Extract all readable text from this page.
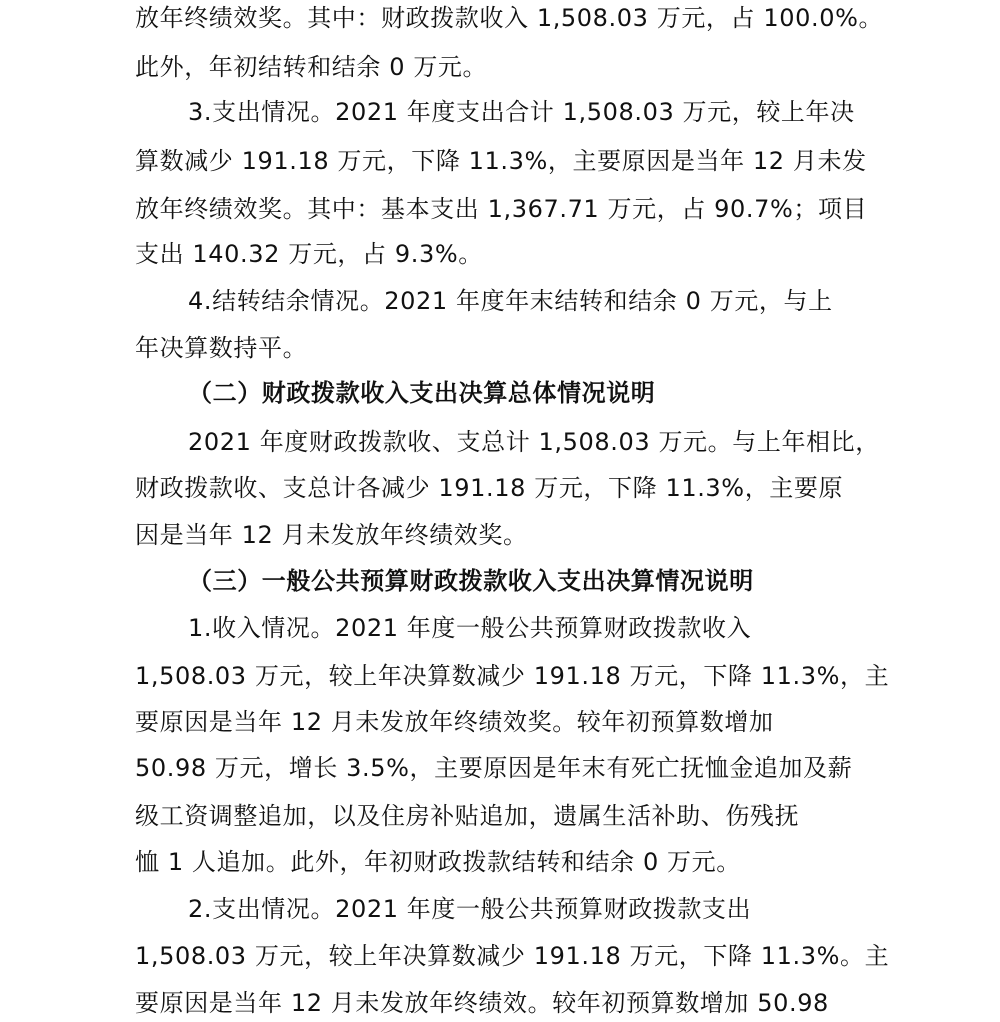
放年终绩效奖。其中：财政拨款收入 1,508.03 万元，占 100.0%。
此外，年初结转和结余 0 万元。
3.支出情况。2021 年度支出合计 1,508.03 万元，较上年决
算数减少 191.18 万元，下降 11.3%，主要原因是当年 12 月未发
放年终绩效奖。其中：基本支出 1,367.71 万元，占 90.7%；项目
支出 140.32 万元，占 9.3%。
4.结转结余情况。2021 年度年末结转和结余 0 万元，与上
年决算数持平。
（二）财政拨款收入支出决算总体情况说明
2021 年度财政拨款收、支总计 1,508.03 万元。与上年相比，
财政拨款收、支总计各减少 191.18 万元，下降 11.3%，主要原
因是当年 12 月未发放年终绩效奖。
（三）一般公共预算财政拨款收入支出决算情况说明
1.收入情况。2021 年度一般公共预算财政拨款收入
1,508.03 万元，较上年决算数减少 191.18 万元，下降 11.3%，主
要原因是当年 12 月未发放年终绩效奖。较年初预算数增加
50.98 万元，增长 3.5%，主要原因是年末有死亡抚恤金追加及薪
级工资调整追加，以及住房补贴追加，遗属生活补助、伤残抚
恤 1 人追加。此外，年初财政拨款结转和结余 0 万元。
2.支出情况。2021 年度一般公共预算财政拨款支出
1,508.03 万元，较上年决算数减少 191.18 万元，下降 11.3%。主
要原因是当年 12 月未发放年终绩效。较年初预算数增加 50.98
